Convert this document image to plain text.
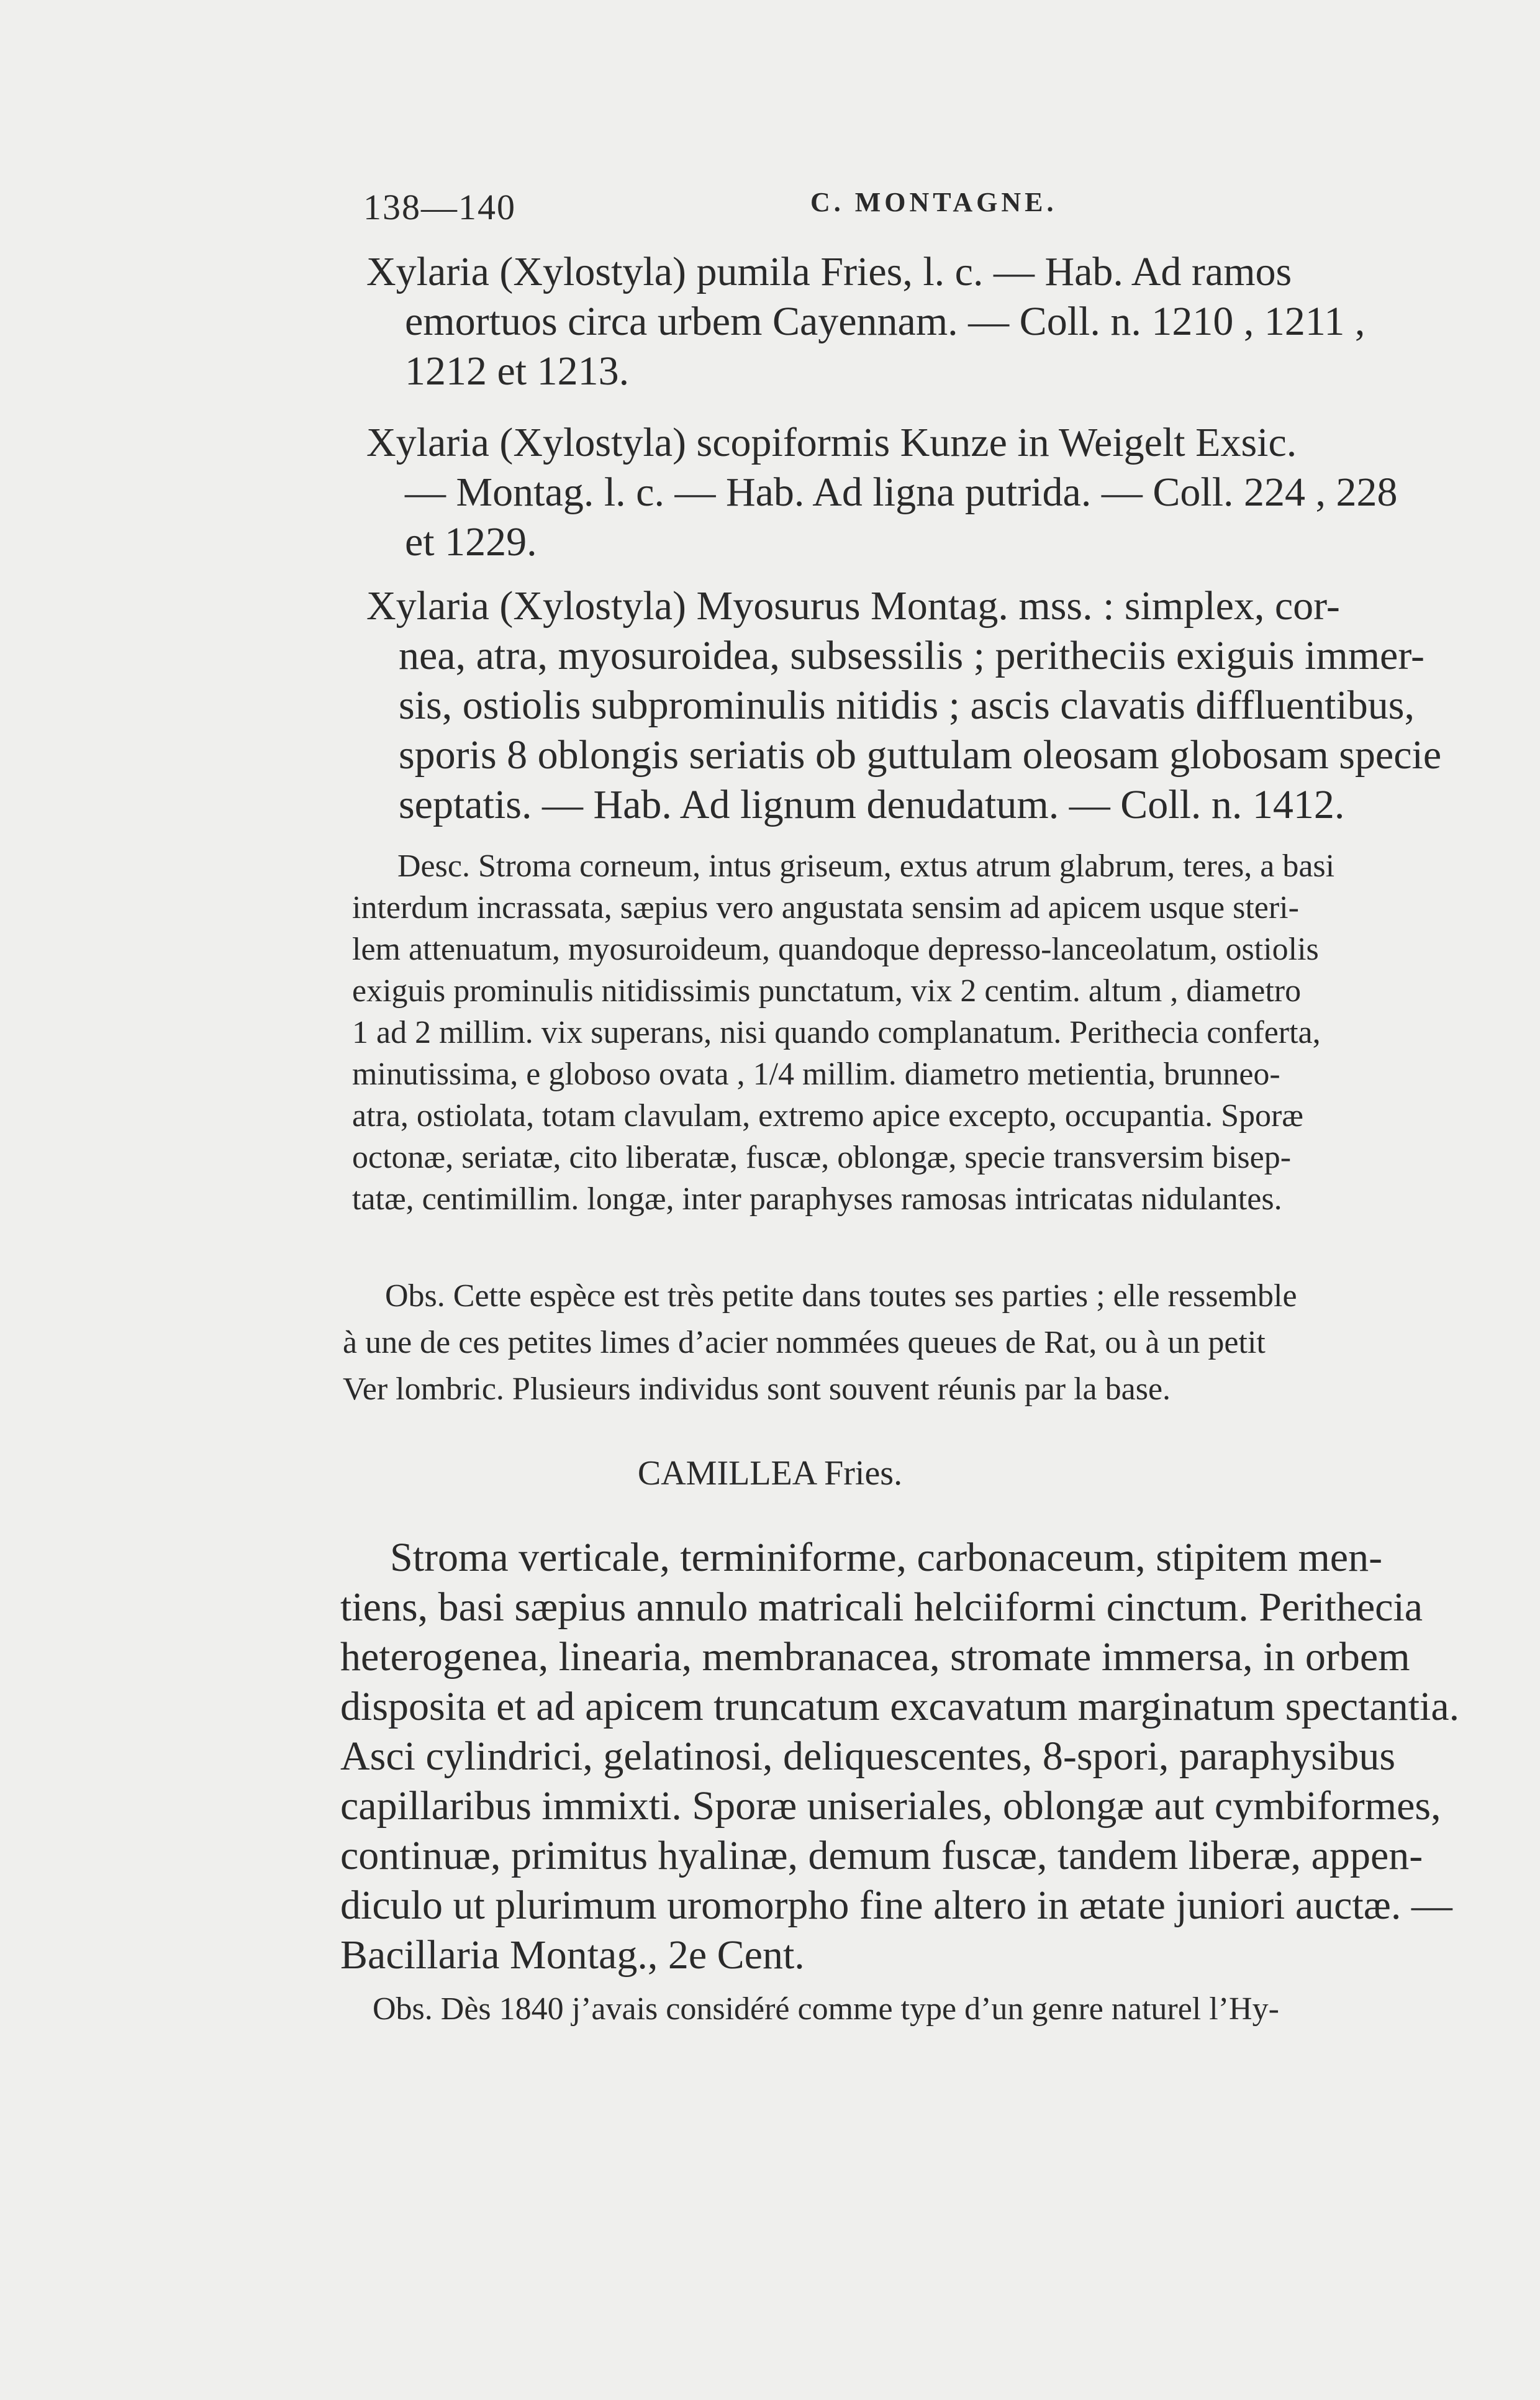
138—140	C. MONTAGNE.
Xylaria (Xylostyla) pumila Fries, l. c. — Hab. Ad ramos
emortuos circa urbem Cayennam. — Coll. n. 1210 , 1211 ,
1212 et 1213.
Xylaria (Xylostyla) scopiformis Kunze in Weigelt Exsic.
— Montag. l. c. — Hab. Ad ligna putrida. — Coll. 224 , 228
et 1229.
Xylaria (Xylostyla) Myosurus Montag. mss. : simplex, cor-
nea, atra, myosuroidea, subsessilis ; peritheciis exiguis immer-
sis, ostiolis subprominulis nitidis ; ascis clavatis diffluentibus,
sporis 8 oblongis seriatis ob guttulam oleosam globosam specie
septatis. — Hab. Ad lignum denudatum. — Coll. n. 1412.
Desc. Stroma corneum, intus griseum, extus atrum glabrum, teres, a basi
interdum incrassata, sæpius vero angustata sensim ad apicem usque steri-
lem attenuatum, myosuroideum, quandoque depresso-lanceolatum, ostiolis
exiguis prominulis nitidissimis punctatum, vix 2 centim. altum , diametro
1 ad 2 millim. vix superans, nisi quando complanatum. Perithecia conferta,
minutissima, e globoso ovata , 1/4 millim. diametro metientia, brunneo-
atra, ostiolata, totam clavulam, extremo apice excepto, occupantia. Sporæ
octonæ, seriatæ, cito liberatæ, fuscæ, oblongæ, specie transversim bisep-
tatæ, centimillim. longæ, inter paraphyses ramosas intricatas nidulantes.
Obs. Cette espèce est très petite dans toutes ses parties ; elle ressemble
à une de ces petites limes d’acier nommées queues de Rat, ou à un petit
Ver lombric. Plusieurs individus sont souvent réunis par la base.
CAMILLEA Fries.
Stroma verticale, terminiforme, carbonaceum, stipitem men-
tiens, basi sæpius annulo matricali helciiformi cinctum. Perithecia
heterogenea, linearia, membranacea, stromate immersa, in orbem
disposita et ad apicem truncatum excavatum marginatum spectantia.
Asci cylindrici, gelatinosi, deliquescentes, 8-spori, paraphysibus
capillaribus immixti. Sporæ uniseriales, oblongæ aut cymbiformes,
continuæ, primitus hyalinæ, demum fuscæ, tandem liberæ, appen-
diculo ut plurimum uromorpho fine altero in ætate juniori auctæ. —
Bacillaria Montag., 2e Cent.
Obs. Dès 1840 j’avais considéré comme type d’un genre naturel l’Hy-
